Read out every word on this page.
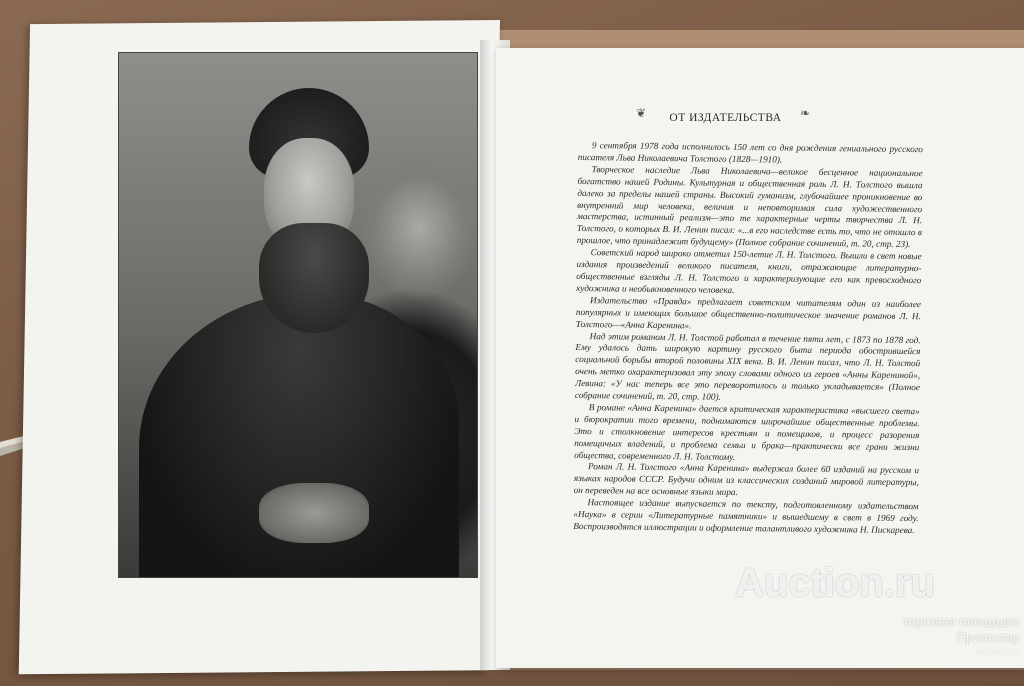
❦	ОТ ИЗДАТЕЛЬСТВА	❧

9 сентября 1978 года исполнилось 150 лет со дня рождения гениального русского писателя Льва Николаевича Толстого (1828—1910).

Творческое наследие Льва Николаевича—великое бесценное национальное богатство нашей Родины. Культурная и общественная роль Л. Н. Толстого вышла далеко за пределы нашей страны. Высокий гуманизм, глубочайшее проникновение во внутренний мир человека, величия и неповторимая сила художественного мастерства, истинный реализм—это те характерные черты творчества Л. Н. Толстого, о которых В. И. Ленин писал: «...в его наследстве есть то, что не отошло в прошлое, что принадлежит будущему» (Полное собрание сочинений, т. 20, стр. 23).

Советский народ широко отметил 150-летие Л. Н. Толстого. Вышли в свет новые издания произведений великого писателя, книги, отражающие литературно-общественные взгляды Л. Н. Толстого и характеризующие его как превосходного художника и необыкновенного человека.

Издательство «Правда» предлагает советским читателям один из наиболее популярных и имеющих большое общественно-политическое значение романов Л. Н. Толстого—«Анна Каренина».

Над этим романом Л. Н. Толстой работал в течение пяти лет, с 1873 по 1878 год. Ему удалось дать широкую картину русского быта периода обострившейся социальной борьбы второй половины XIX века. В. И. Ленин писал, что Л. Н. Толстой очень метко охарактеризовал эту эпоху словами одного из героев «Анны Карениной», Левина: «У нас теперь все это переворотилось и только укладывается» (Полное собрание сочинений, т. 20, стр. 100).

В романе «Анна Каренина» дается критическая характеристика «высшего света» и бюрократии того времени, поднимаются широчайшие общественные проблемы. Это и столкновение интересов крестьян и помещиков, и процесс разорения помещичьих владений, и проблема семьи и брака—практически все грани жизни общества, современного Л. Н. Толстому.

Роман Л. Н. Толстого «Анна Каренина» выдержал более 60 изданий на русском и языках народов СССР. Будучи одним из классических созданий мировой литературы, он переведен на все основные языки мира.

Настоящее издание выпускается по тексту, подготовленному издательством «Наука» в серии «Литературные памятники» и вышедшему в свет в 1969 году. Воспроизводятся иллюстрации и оформление талантливого художника Н. Пискарева.

Auction.ru
торговая площадка
Приотстар
auction.ru
